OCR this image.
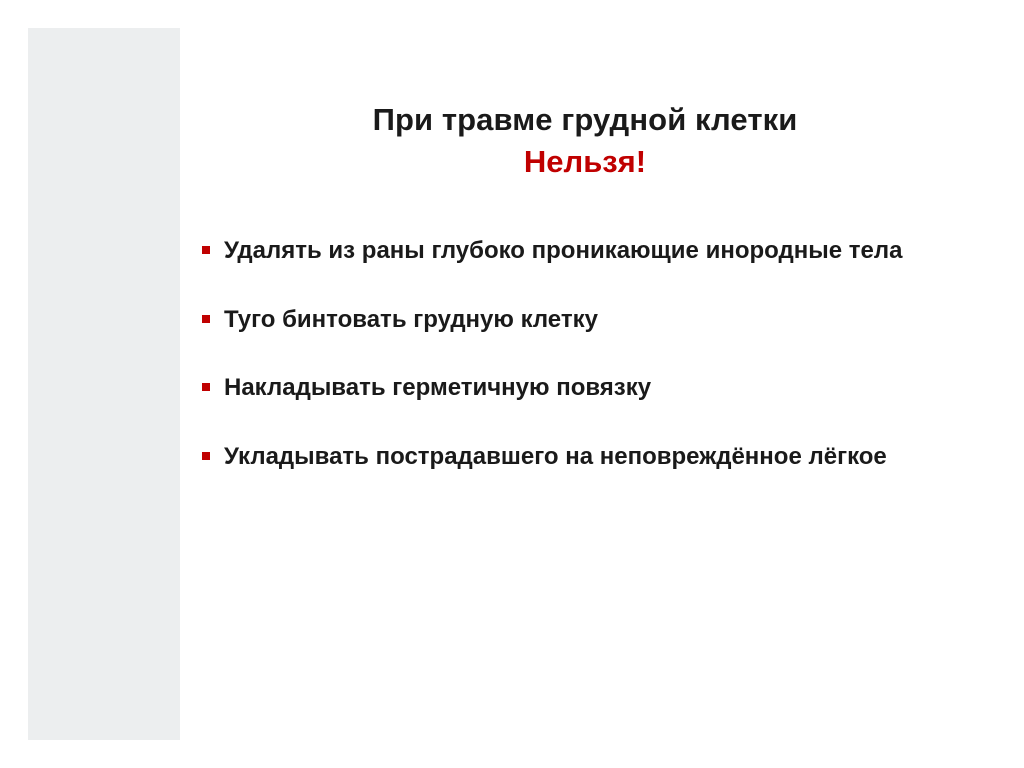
При травме грудной клетки
Нельзя!
Удалять из раны глубоко проникающие инородные тела
Туго бинтовать грудную клетку
Накладывать герметичную повязку
Укладывать пострадавшего на неповреждённое лёгкое
